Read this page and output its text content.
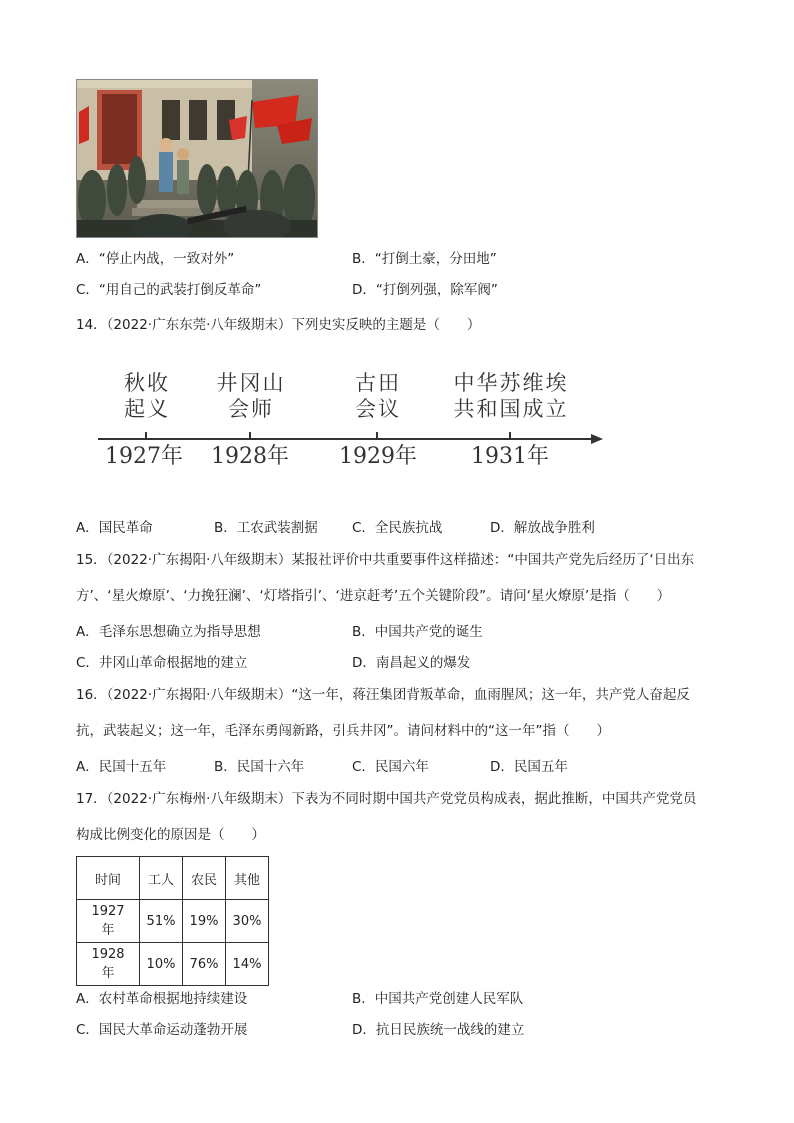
A．“停止内战，一致对外”	B．“打倒土豪，分田地”
C．“用自己的武装打倒反革命”	D．“打倒列强，除军阀”
14．（2022·广东东莞·八年级期末）下列史实反映的主题是（　　）
秋收
起义
井冈山
会师
古田
会议
中华苏维埃
共和国成立
1927年 1928年 1929年 1931年
A．国民革命	B．工农武装割据	C．全民族抗战	D．解放战争胜利
15．（2022·广东揭阳·八年级期末）某报社评价中共重要事件这样描述：“中国共产党先后经历了‘日出东
方’、‘星火燎原’、‘力挽狂澜’、‘灯塔指引’、‘进京赶考’五个关键阶段”。请问‘星火燎原’是指（　　）
A．毛泽东思想确立为指导思想	B．中国共产党的诞生
C．井冈山革命根据地的建立	D．南昌起义的爆发
16．（2022·广东揭阳·八年级期末）“这一年，蒋汪集团背叛革命，血雨腥风；这一年，共产党人奋起反
抗，武装起义；这一年，毛泽东勇闯新路，引兵井冈”。请问材料中的“这一年”指（　　）
A．民国十五年	B．民国十六年	C．民国六年	D．民国五年
17．（2022·广东梅州·八年级期末）下表为不同时期中国共产党党员构成表，据此推断，中国共产党党员
构成比例变化的原因是（　　）
时间	工人	农民	其他
1927 年	51%	19%	30%
1928 年	10%	76%	14%
A．农村革命根据地持续建设	B．中国共产党创建人民军队
C．国民大革命运动蓬勃开展	D．抗日民族统一战线的建立
